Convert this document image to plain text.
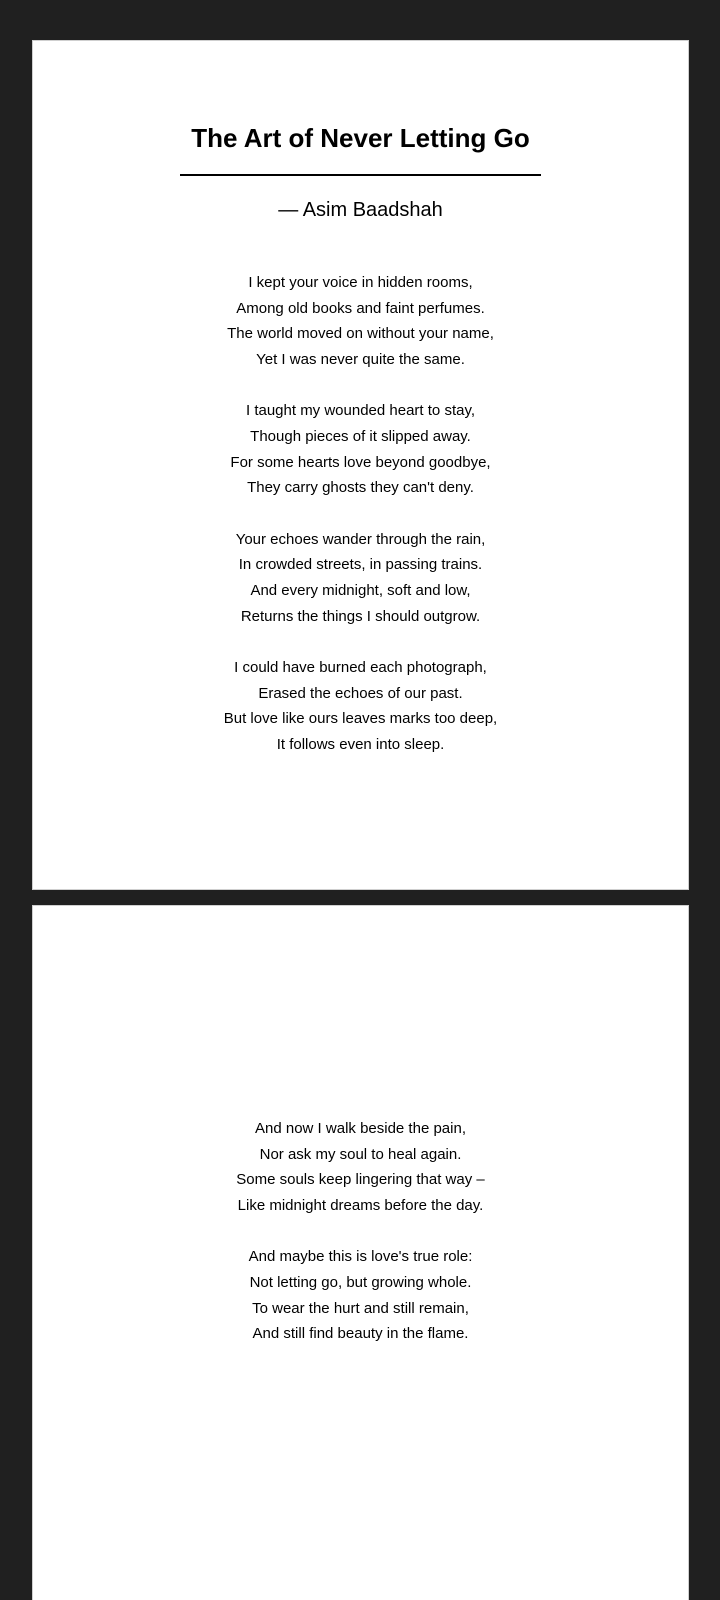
The Art of Never Letting Go

— Asim Baadshah

I kept your voice in hidden rooms,
Among old books and faint perfumes.
The world moved on without your name,
Yet I was never quite the same.
I taught my wounded heart to stay,
Though pieces of it slipped away.
For some hearts love beyond goodbye,
They carry ghosts they can't deny.
Your echoes wander through the rain,
In crowded streets, in passing trains.
And every midnight, soft and low,
Returns the things I should outgrow.
I could have burned each photograph,
Erased the echoes of our past.
But love like ours leaves marks too deep,
It follows even into sleep.
And now I walk beside the pain,
Nor ask my soul to heal again.
Some souls keep lingering that way –
Like midnight dreams before the day.
And maybe this is love's true role:
Not letting go, but growing whole.
To wear the hurt and still remain,
And still find beauty in the flame.
